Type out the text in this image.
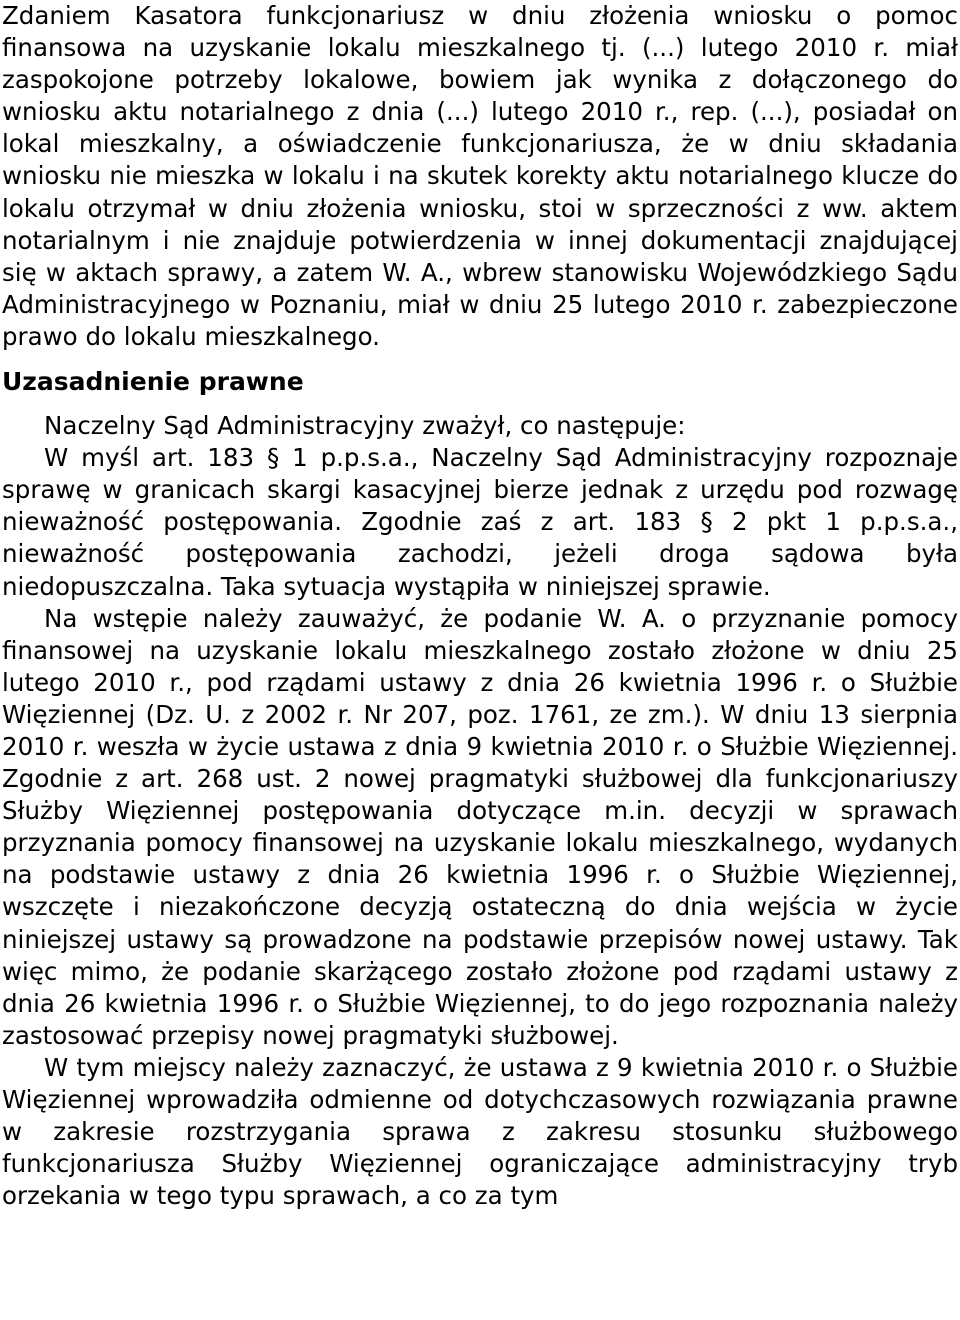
Zdaniem Kasatora funkcjonariusz w dniu złożenia wniosku o pomoc finansowa na uzyskanie lokalu mieszkalnego tj. (...) lutego 2010 r. miał zaspokojone potrzeby lokalowe, bowiem jak wynika z dołączonego do wniosku aktu notarialnego z dnia (...) lutego 2010 r., rep. (...), posiadał on lokal mieszkalny, a oświadczenie funkcjonariusza, że w dniu składania wniosku nie mieszka w lokalu i na skutek korekty aktu notarialnego klucze do lokalu otrzymał w dniu złożenia wniosku, stoi w sprzeczności z ww. aktem notarialnym i nie znajduje potwierdzenia w innej dokumentacji znajdującej się w aktach sprawy, a zatem W. A., wbrew stanowisku Wojewódzkiego Sądu Administracyjnego w Poznaniu, miał w dniu 25 lutego 2010 r. zabezpieczone prawo do lokalu mieszkalnego.

Uzasadnienie prawne

Naczelny Sąd Administracyjny zważył, co następuje:

W myśl art. 183 § 1 p.p.s.a., Naczelny Sąd Administracyjny rozpoznaje sprawę w granicach skargi kasacyjnej bierze jednak z urzędu pod rozwagę nieważność postępowania. Zgodnie zaś z art. 183 § 2 pkt 1 p.p.s.a., nieważność postępowania zachodzi, jeżeli droga sądowa była niedopuszczalna. Taka sytuacja wystąpiła w niniejszej sprawie.

Na wstępie należy zauważyć, że podanie W. A. o przyznanie pomocy finansowej na uzyskanie lokalu mieszkalnego zostało złożone w dniu 25 lutego 2010 r., pod rządami ustawy z dnia 26 kwietnia 1996 r. o Służbie Więziennej (Dz. U. z 2002 r. Nr 207, poz. 1761, ze zm.). W dniu 13 sierpnia 2010 r. weszła w życie ustawa z dnia 9 kwietnia 2010 r. o Służbie Więziennej. Zgodnie z art. 268 ust. 2 nowej pragmatyki służbowej dla funkcjonariuszy Służby Więziennej postępowania dotyczące m.in. decyzji w sprawach przyznania pomocy finansowej na uzyskanie lokalu mieszkalnego, wydanych na podstawie ustawy z dnia 26 kwietnia 1996 r. o Służbie Więziennej, wszczęte i niezakończone decyzją ostateczną do dnia wejścia w życie niniejszej ustawy są prowadzone na podstawie przepisów nowej ustawy. Tak więc mimo, że podanie skarżącego zostało złożone pod rządami ustawy z dnia 26 kwietnia 1996 r. o Służbie Więziennej, to do jego rozpoznania należy zastosować przepisy nowej pragmatyki służbowej.

W tym miejscy należy zaznaczyć, że ustawa z 9 kwietnia 2010 r. o Służbie Więziennej wprowadziła odmienne od dotychczasowych rozwiązania prawne w zakresie rozstrzygania sprawa z zakresu stosunku służbowego funkcjonariusza Służby Więziennej ograniczające administracyjny tryb orzekania w tego typu sprawach, a co za tym
